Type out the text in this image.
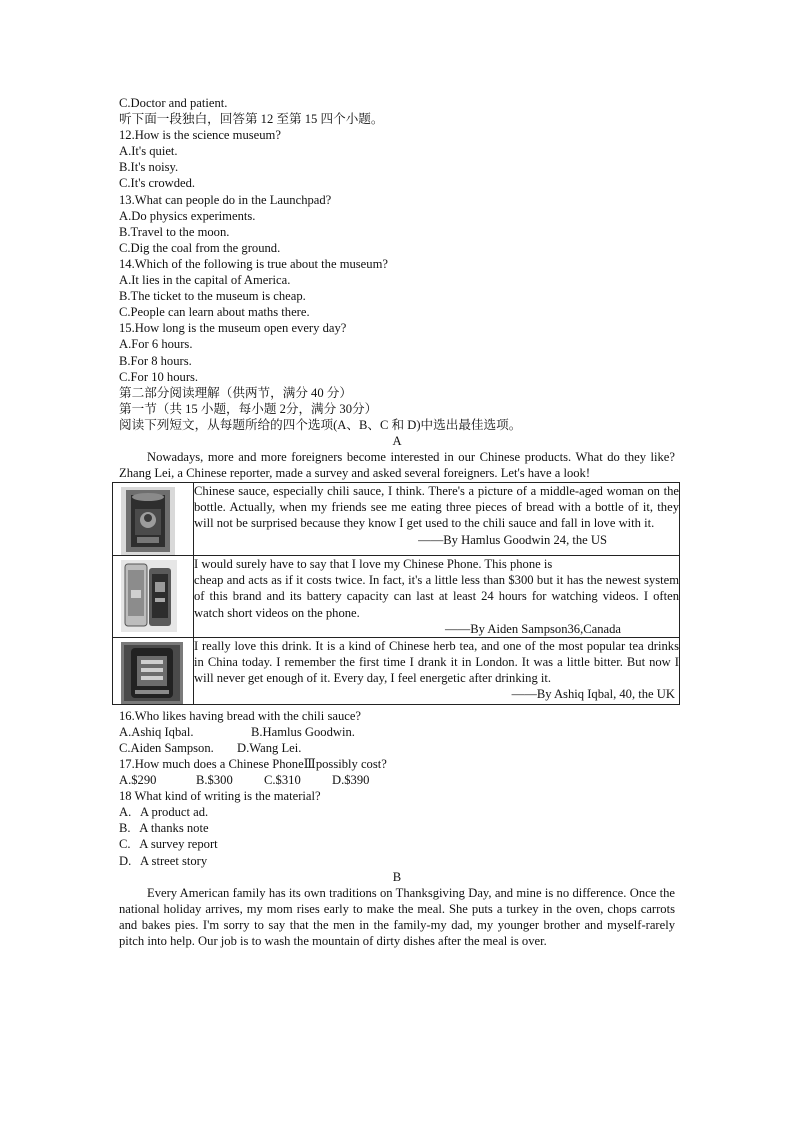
C.Doctor and patient.
听下面一段独白，回答第 12 至第 15 四个小题。
12.How is the science museum?
A.It's quiet.
B.It's noisy.
C.It's crowded.
13.What can people do in the Launchpad?
A.Do physics experiments.
B.Travel to the moon.
C.Dig the coal from the ground.
14.Which of the following is true about the museum?
A.It lies in the capital of America.
B.The ticket to the museum is cheap.
C.People can learn about maths there.
15.How long is the museum open every day?
A.For 6 hours.
B.For 8 hours.
C.For 10 hours.
第二部分阅读理解（供两节，满分 40 分）
第一节（共 15 小题，每小题 2分，满分 30分）
阅读下列短文，从每题所给的四个选项(A、B、C 和 D)中选出最佳选项。
A
Nowadays, more and more foreigners become interested in our Chinese products. What do they like? Zhang Lei, a Chinese reporter, made a survey and asked several foreigners. Let's have a look!

Chinese sauce, especially chili sauce, I think. There's a picture of a middle-aged woman on the bottle. Actually, when my friends see me eating three pieces of bread with a bottle of it, they will not be surprised because they know I get used to the chili sauce and fall in love with it.
——By Hamlus Goodwin 24, the US

I would surely have to say that I love my Chinese Phone. This phone is
cheap and acts as if it costs twice. In fact, it's a little less than $300 but it has the newest system of this brand and its battery capacity can last at least 24 hours for watching videos. I often watch short videos on the phone.
——By Aiden Sampson36,Canada

I really love this drink. It is a kind of Chinese herb tea, and one of the most popular tea drinks in China today. I remember the first time I drank it in London. It was a little bitter. But now I will never get enough of it. Every day, I feel energetic after drinking it.
——By Ashiq Iqbal, 40, the UK
16.Who likes having bread with the chili sauce?
A.Ashiq Iqbal.	B.Hamlus Goodwin.
C.Aiden Sampson. D.Wang Lei.
17.How much does a Chinese PhoneⅢpossibly cost?
A.$290	B.$300 C.$310 D.$390
18 What kind of writing is the material?
A.   A product ad.
B.   A thanks note
C.   A survey report
D.   A street story
B
Every American family has its own traditions on Thanksgiving Day, and mine is no difference. Once the national holiday arrives, my mom rises early to make the meal. She puts a turkey in the oven, chops carrots and bakes pies. I'm sorry to say that the men in the family-my dad, my younger brother and myself-rarely pitch into help. Our job is to wash the mountain of dirty dishes after the meal is over.
